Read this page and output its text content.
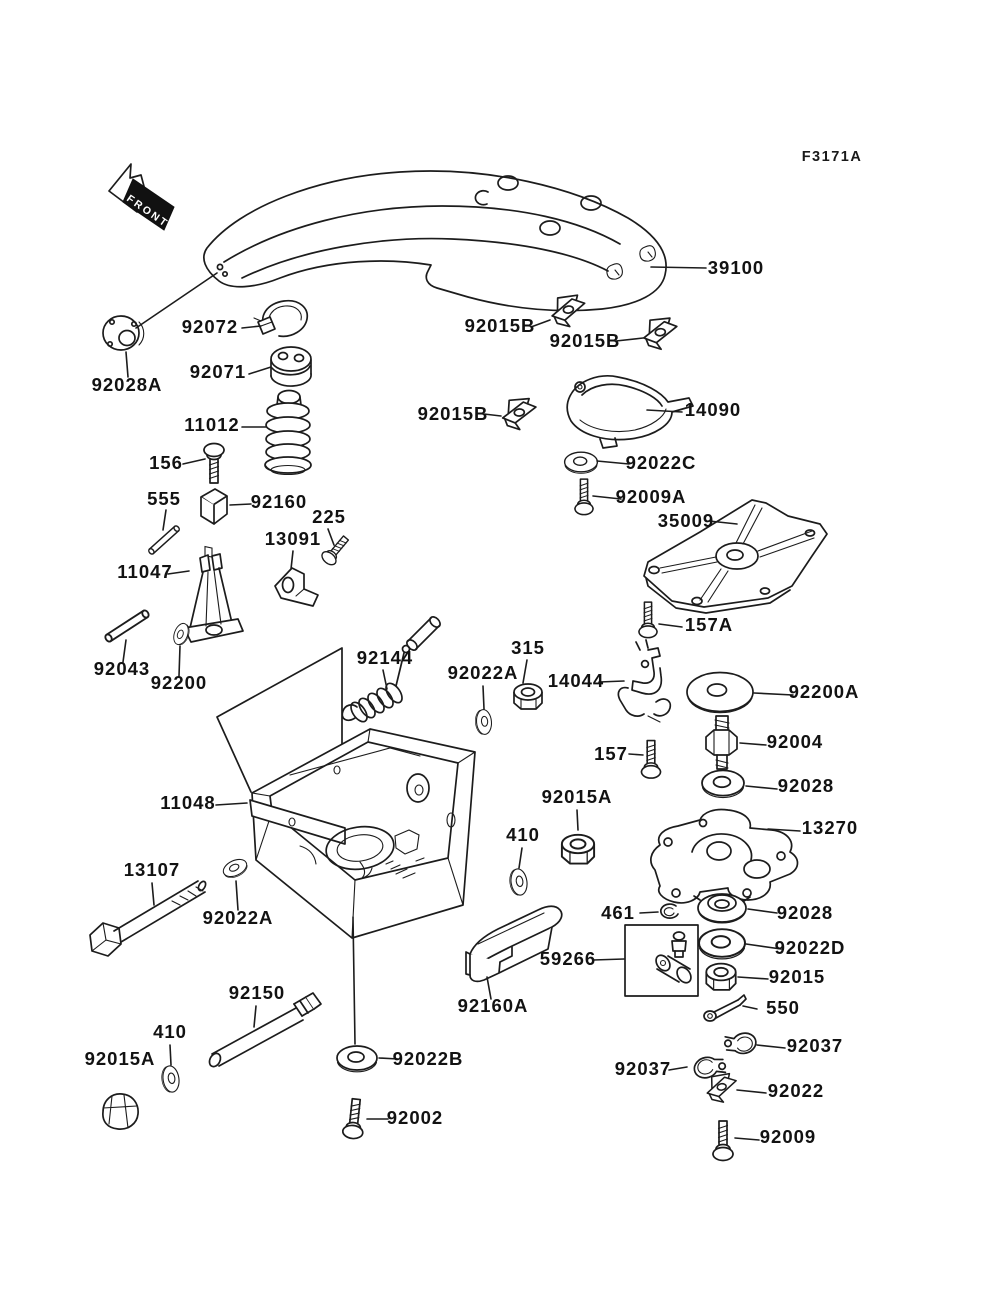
FRONT
F3171A
39100
92072
92028A
92071
11012
156
555	92160
225
13091
11047
92043
92200
92144
92022A
315
14044
92015B
92015B
92015B	14090
92022C
92009A
35009
157A
157
92200A
92004
92028
13270
92015A
410
11048
13107
92022A
92150
410
92015A	92022B
92002
59266
92160A
461	92028
92022D
92015
550
92037
92037
92022
92009
